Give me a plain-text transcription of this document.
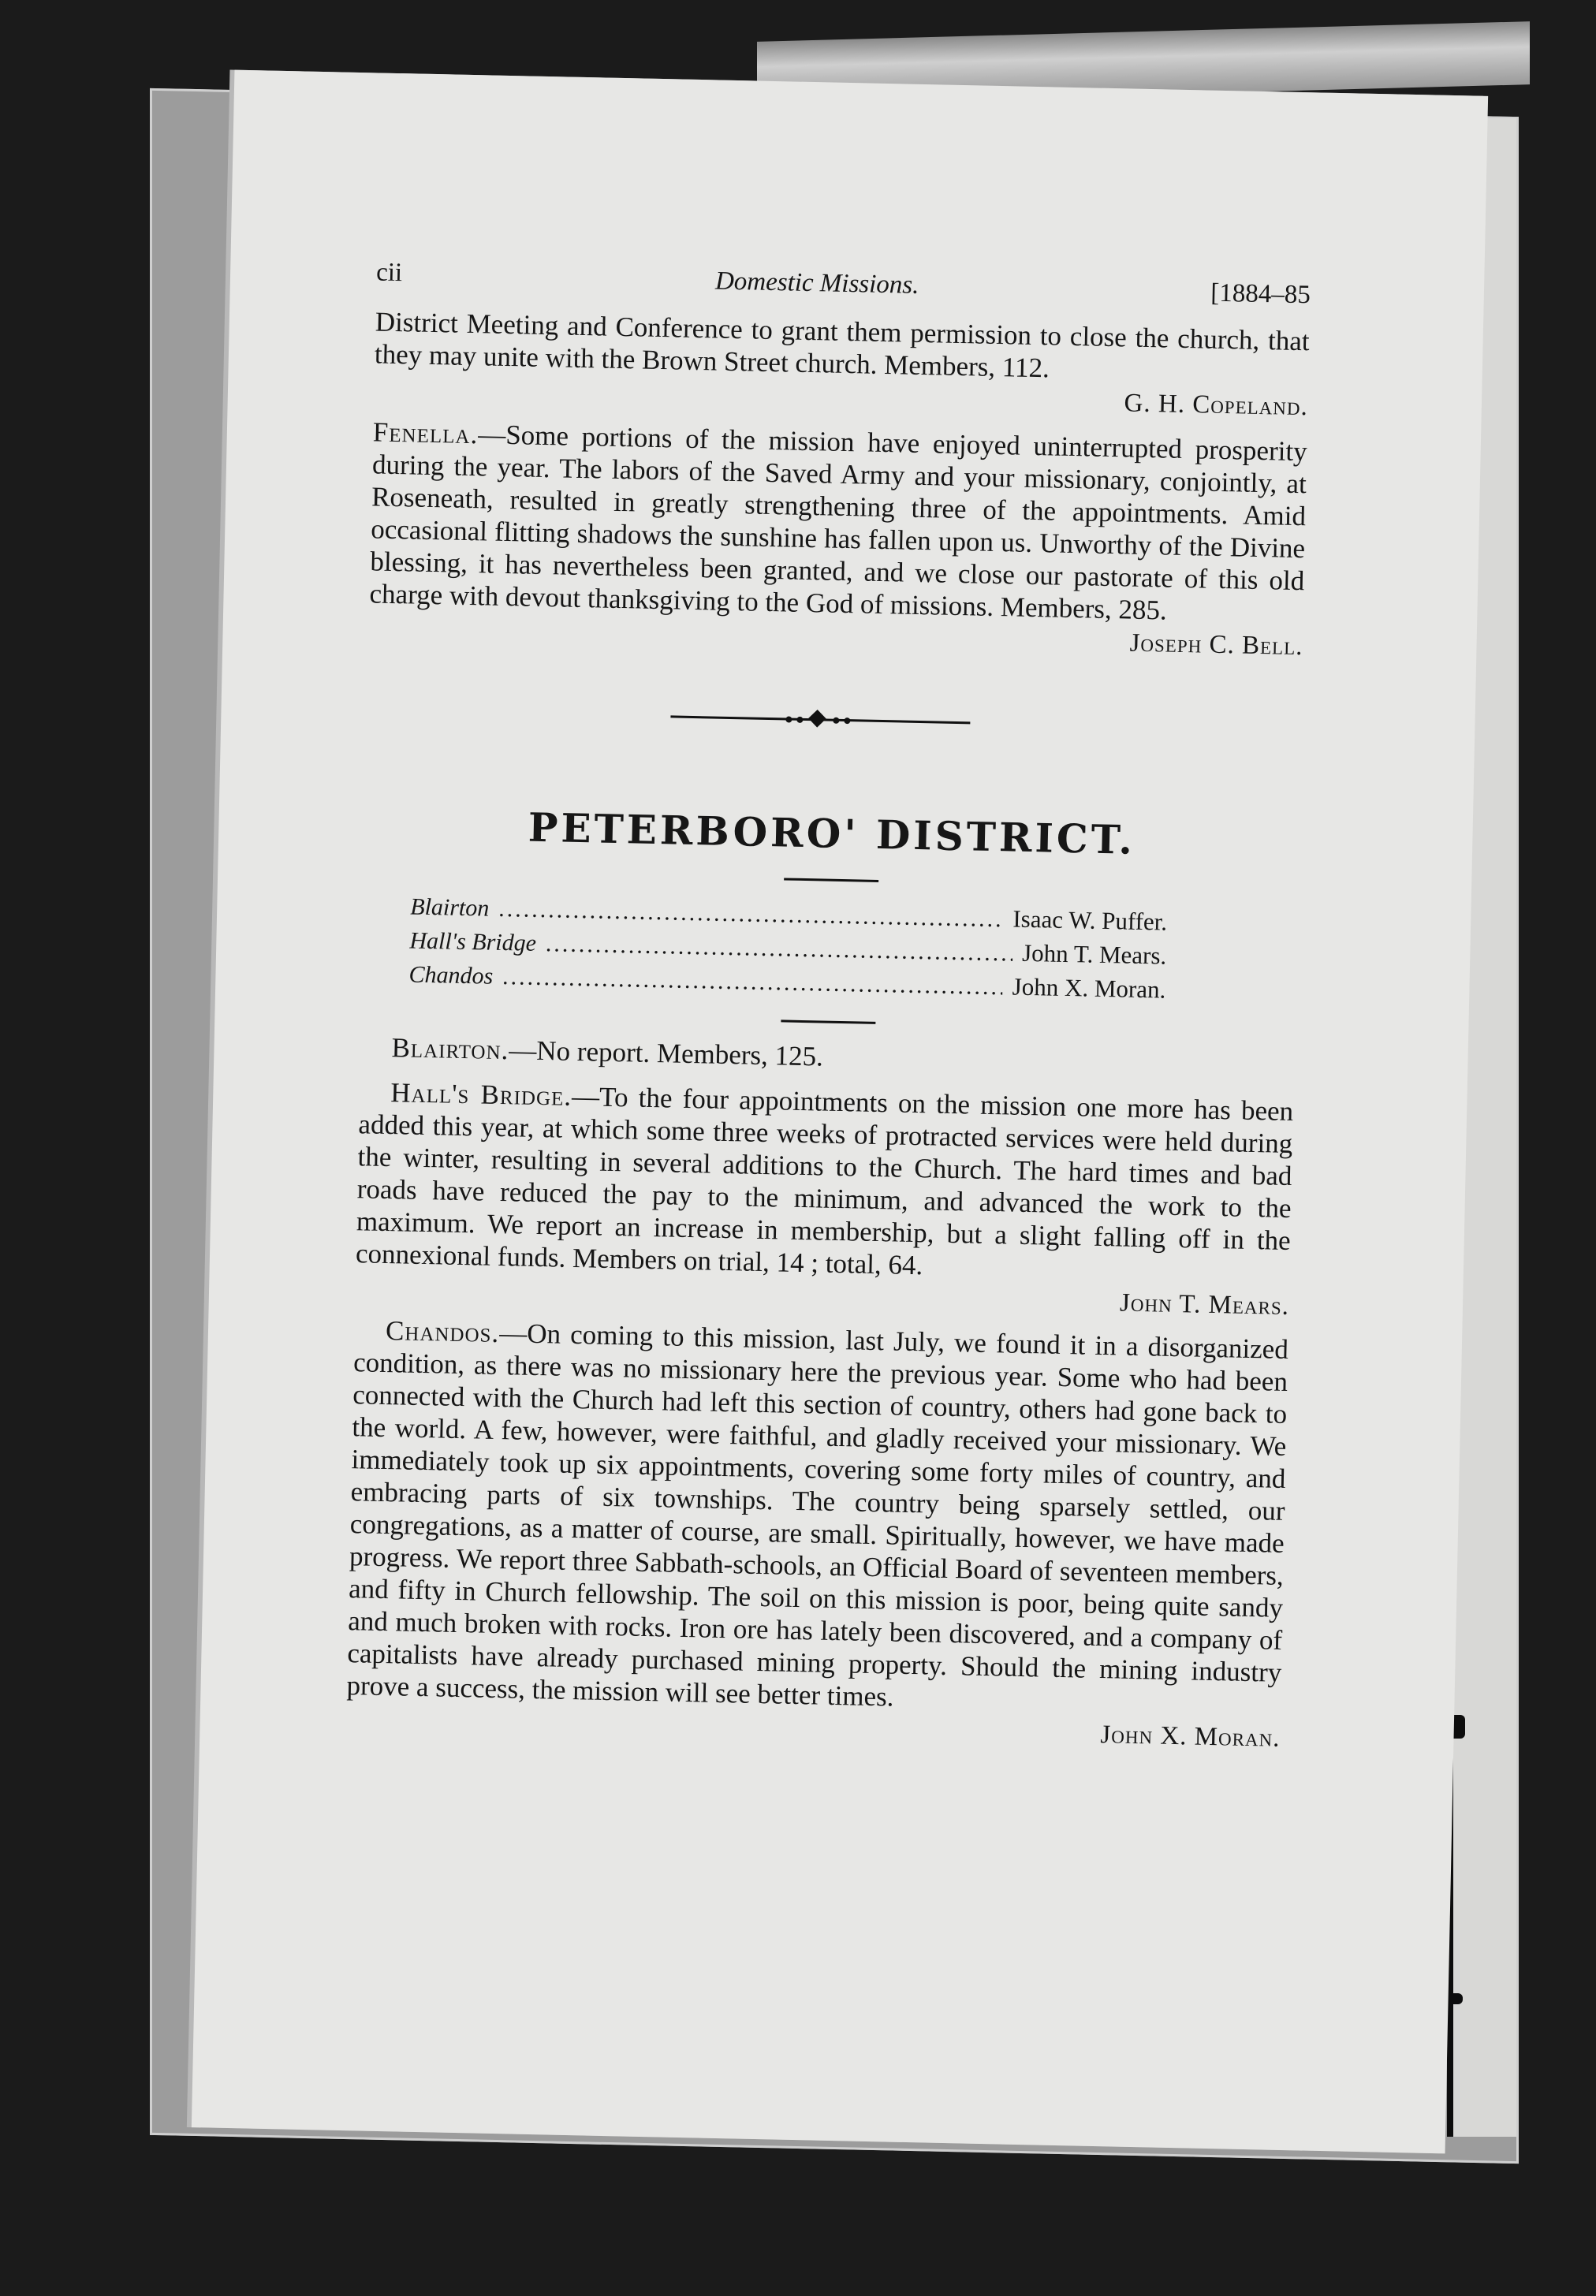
cii	Domestic Missions.	[1884–85

District Meeting and Conference to grant them permission to close the church, that they may unite with the Brown Street church. Members, 112.

G. H. Copeland.

Fenella.—Some portions of the mission have enjoyed uninterrupted prosperity during the year. The labors of the Saved Army and your missionary, conjointly, at Roseneath, resulted in greatly strengthening three of the appointments. Amid occasional flitting shadows the sunshine has fallen upon us. Unworthy of the Divine blessing, it has nevertheless been granted, and we close our pastorate of this old charge with devout thanksgiving to the God of missions. Members, 285.

Joseph C. Bell.
PETERBORO' DISTRICT.
Blairton .....	Isaac W. Puffer.
Hall's Bridge .....	John T. Mears.
Chandos .....	John X. Moran.

Blairton.—No report. Members, 125.

Hall's Bridge.—To the four appointments on the mission one more has been added this year, at which some three weeks of protracted services were held during the winter, resulting in several additions to the Church. The hard times and bad roads have reduced the pay to the minimum, and advanced the work to the maximum. We report an increase in membership, but a slight falling off in the connexional funds. Members on trial, 14 ; total, 64.

John T. Mears.

Chandos.—On coming to this mission, last July, we found it in a disorganized condition, as there was no missionary here the previous year. Some who had been connected with the Church had left this section of country, others had gone back to the world. A few, however, were faithful, and gladly received your missionary. We immediately took up six appointments, covering some forty miles of country, and embracing parts of six townships. The country being sparsely settled, our congregations, as a matter of course, are small. Spiritually, however, we have made progress. We report three Sabbath-schools, an Official Board of seventeen members, and fifty in Church fellowship. The soil on this mission is poor, being quite sandy and much broken with rocks. Iron ore has lately been discovered, and a company of capitalists have already purchased mining property. Should the mining industry prove a success, the mission will see better times.

John X. Moran.
